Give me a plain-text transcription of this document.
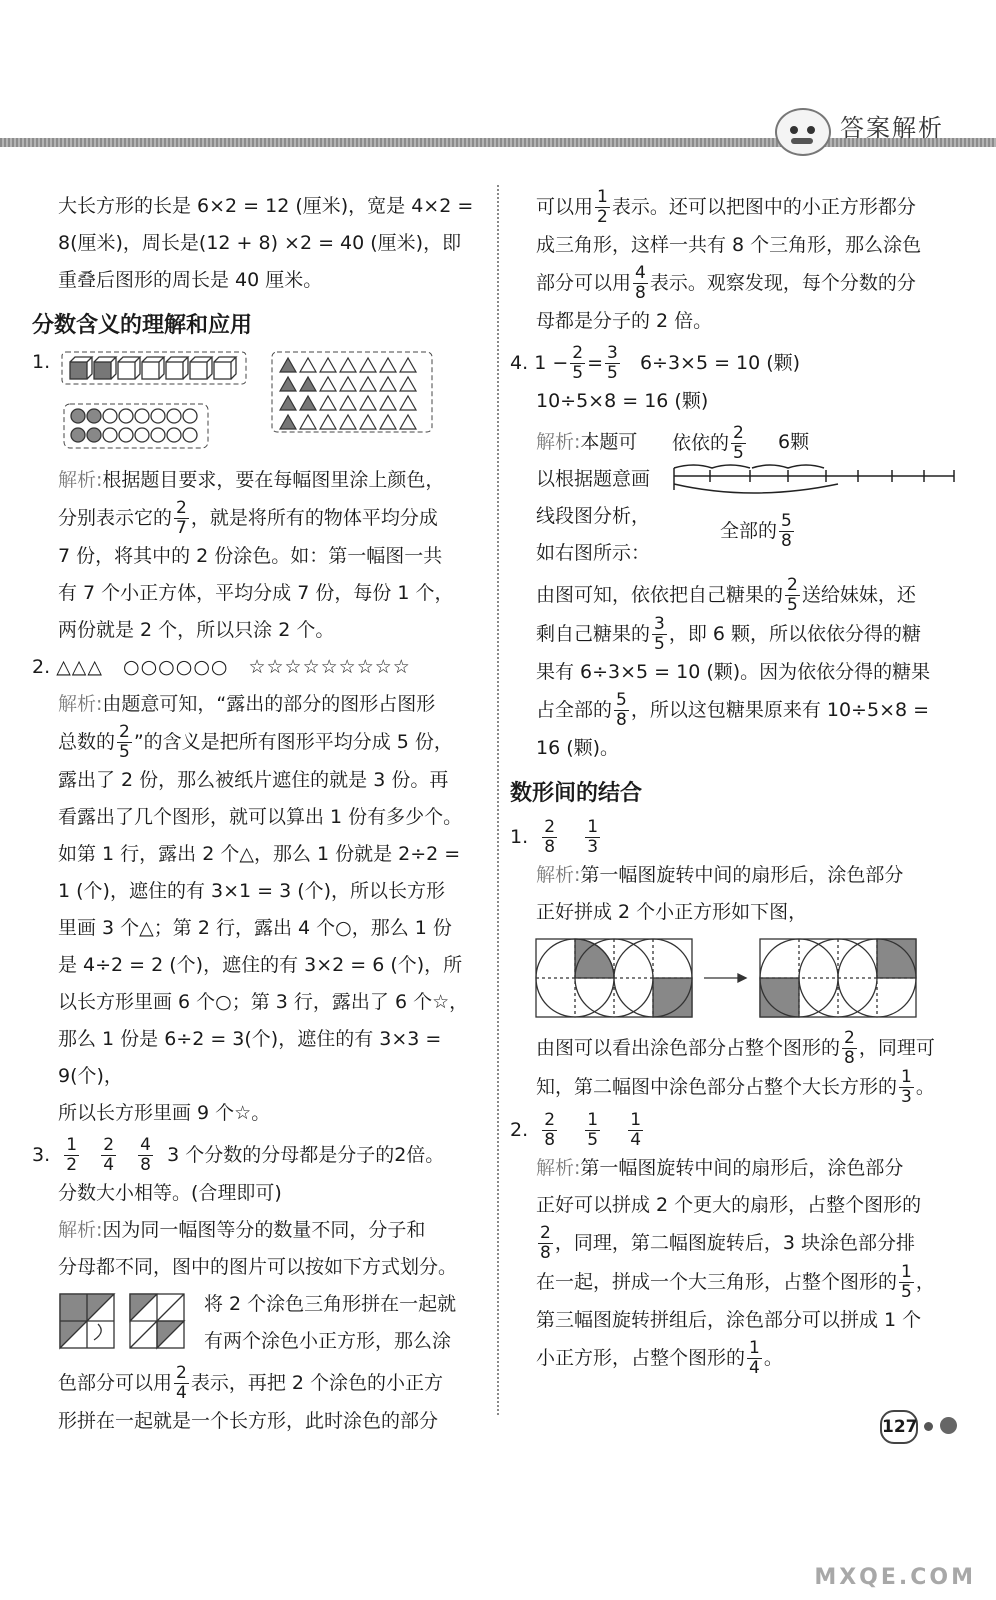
答案解析
大长方形的长是 6×2 = 12 (厘米)，宽是 4×2 =
8(厘米)，周长是(12 + 8) ×2 = 40 (厘米)，即
重叠后图形的周长是 40 厘米。
分数含义的理解和应用
1.
解析:根据题目要求，要在每幅图里涂上颜色，
分别表示它的 $\frac{2}{7}$ ，就是将所有的物体平均分成
7 份，将其中的 2 份涂色。如：第一幅图一共
有 7 个小正方体，平均分成 7 份，每份 1 个，
两份就是 2 个，所以只涂 2 个。
2. △△△　○○○○○○　☆☆☆☆☆☆☆☆☆
解析:由题意可知，“露出的部分的图形占图形
总数的 $\frac{2}{5}$ ”的含义是把所有图形平均分成 5 份，
露出了 2 份，那么被纸片遮住的就是 3 份。再
看露出了几个图形，就可以算出 1 份有多少个。
如第 1 行，露出 2 个△，那么 1 份就是 2÷2 =
1 (个)，遮住的有 3×1 = 3 (个)，所以长方形
里画 3 个△；第 2 行，露出 4 个○，那么 1 份
是 4÷2 = 2 (个)，遮住的有 3×2 = 6 (个)，所
以长方形里画 6 个○；第 3 行，露出了 6 个☆，
那么 1 份是 6÷2 = 3(个)，遮住的有 3×3 = 9(个)，
所以长方形里画 9 个☆。
3. $\frac{1}{2}$
$\frac{2}{4}$
$\frac{4}{8} 3$ 个分数的分母都是分子的2倍。
分数大小相等。(合理即可)
解析:因为同一幅图等分的数量不同，分子和
分母都不同，图中的图片可以按如下方式划分。
将 2 个涂色三角形拼在一起就
有两个涂色小正方形，那么涂
色部分可以用 $\frac{2}{4}$ 表示，再把 2 个涂色的小正方
形拼在一起就是一个长方形，此时涂色的部分
可以用 $\frac{1}{2}$ 表示。还可以把图中的小正方形都分
成三角形，这样一共有 8 个三角形，那么涂色
部分可以用 $\frac{4}{8}$ 表示。观察发现，每个分数的分
母都是分子的 2 倍。
4. $1 - \frac{2}{5} = \frac{3}{5} 6\div 3\times 5 = 10$ (颗)
10÷5×8 = 16 (颗)
解析:本题可
以根据题意画
线段图分析，
如右图所示：
依依的 $\frac{2}{5} 6$颗
全部的 $\frac{5}{8}$
由图可知，依依把自己糖果的 $\frac{2}{5}$ 送给妹妹，还
剩自己糖果的 $\frac{3}{5}$ ，即 6 颗，所以依依分得的糖
果有 6÷3×5 = 10 (颗)。因为依依分得的糖果
占全部的 $\frac{5}{8}$ ，所以这包糖果原来有 10÷5×8 =
16 (颗)。
数形间的结合
1. $\frac{2}{8}$
$\frac{1}{3}$
解析:第一幅图旋转中间的扇形后，涂色部分
正好拼成 2 个小正方形如下图，
由图可以看出涂色部分占整个图形的 $\frac{2}{8}$ ，同理可
知，第二幅图中涂色部分占整个大长方形的 $\frac{1}{3}$ 。
2. $\frac{2}{8}$
$\frac{1}{5}$
$\frac{1}{4}$
解析:第一幅图旋转中间的扇形后，涂色部分
正好可以拼成 2 个更大的扇形，占整个图形的
$\frac{2}{8}$ ，同理，第二幅图旋转后，3 块涂色部分排
在一起，拼成一个大三角形，占整个图形的 $\frac{1}{5}$ ，
第三幅图旋转拼组后，涂色部分可以拼成 1 个
小正方形，占整个图形的 $\frac{1}{4}$ 。
127
MXQE.COM
